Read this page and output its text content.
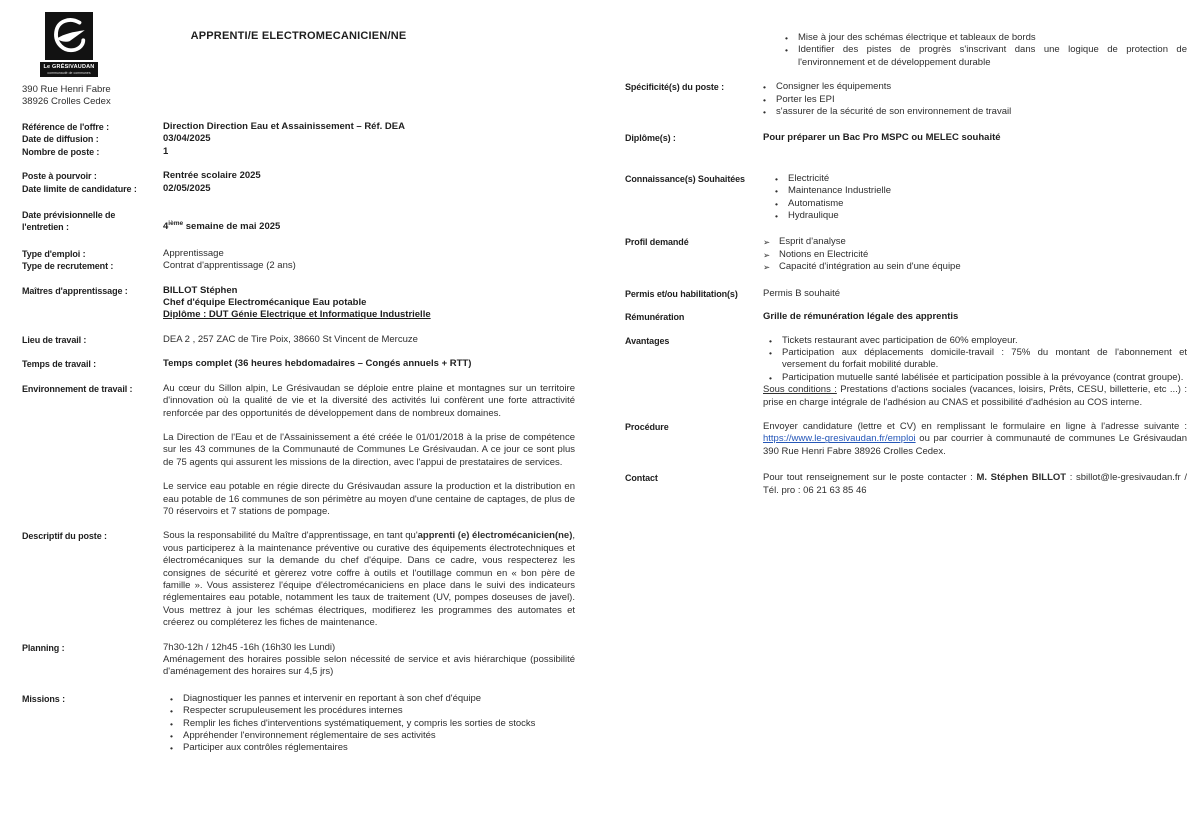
APPRENTI/E ELECTROMECANICIEN/NE
Le GRÉSIVAUDAN
communauté de communes
390 Rue Henri Fabre
38926 Crolles Cedex
Référence de l'offre :	Direction Direction Eau et Assainissement – Réf. DEA
Date de diffusion :	03/04/2025
Nombre de poste :	1
Poste à pourvoir :	Rentrée scolaire 2025
Date limite de candidature :	02/05/2025
Date prévisionnelle de l'entretien :	4ième semaine de mai 2025
Type d'emploi :	Apprentissage
Type de recrutement :	Contrat d'apprentissage (2 ans)
Maîtres d'apprentissage :	BILLOT Stéphen
Chef d'équipe Electromécanique Eau potable
Diplôme : DUT Génie Electrique et Informatique Industrielle
Lieu de travail :	DEA 2 , 257 ZAC de Tire Poix, 38660 St Vincent de Mercuze
Temps de travail :	Temps complet (36 heures hebdomadaires – Congés annuels + RTT)
Environnement de travail :	Au cœur du Sillon alpin, Le Grésivaudan se déploie entre plaine et montagnes sur un territoire d'innovation où la qualité de vie et la diversité des activités lui confèrent une forte attractivité renforcée par des opportunités de développement dans de nombreux domaines.

La Direction de l'Eau et de l'Assainissement a été créée le 01/01/2018 à la prise de compétence sur les 43 communes de la Communauté de Communes Le Grésivaudan. A ce jour ce sont plus de 75 agents qui assurent les missions de la direction, avec l'appui de prestataires de services.

Le service eau potable en régie directe du Grésivaudan assure la production et la distribution en eau potable de 16 communes de son périmètre au moyen d'une centaine de captages, de plus de 70 réservoirs et 7 stations de pompage.

Descriptif du poste :	Sous la responsabilité du Maître d'apprentissage, en tant qu'apprenti (e) électromécanicien(ne), vous participerez à la maintenance préventive ou curative des équipements électrotechniques et électromécaniques sur la demande du chef d'équipe. Dans ce cadre, vous respecterez les consignes de sécurité et gèrerez votre coffre à outils et l'outillage commun en « bon père de famille ». Vous assisterez l'équipe d'électromécaniciens en place dans le suivi des indicateurs réglementaires eau potable, notamment les taux de traitement (UV, pompes doseuses de javel). Vous mettrez à jour les schémas électriques, modifierez les programmes des automates et créerez ou compléterez les fiches de maintenance.
Planning :	7h30-12h / 12h45 -16h (16h30 les Lundi)
Aménagement des horaires possible selon nécessité de service et avis hiérarchique (possibilité d'aménagement des horaires sur 4,5 jrs)
Missions :	•	Diagnostiquer les pannes et intervenir en reportant à son chef d'équipe
•	Respecter scrupuleusement les procédures internes
•	Remplir les fiches d'interventions systématiquement, y compris les sorties de stocks
•	Appréhender l'environnement réglementaire de ses activités
•	Participer aux contrôles réglementaires
•	Mise à jour des schémas électrique et tableaux de bords
•	Identifier des pistes de progrès s'inscrivant dans une logique de protection de l'environnement et de développement durable
Spécificité(s) du poste :	•	Consigner les équipements
•	Porter les EPI
•	s'assurer de la sécurité de son environnement de travail
Diplôme(s) :	Pour préparer un Bac Pro MSPC ou MELEC souhaité
Connaissance(s) Souhaitées	•	Electricité
•	Maintenance Industrielle
•	Automatisme
•	Hydraulique
Profil demandé	➢ Esprit d'analyse
➢ Notions en Electricité
➢ Capacité d'intégration au sein d'une équipe
Permis et/ou habilitation(s)	Permis B souhaité
Rémunération	Grille de rémunération légale des apprentis
Avantages	•	Tickets restaurant avec participation de 60% employeur.
•	Participation aux déplacements domicile-travail : 75% du montant de l'abonnement et versement du forfait mobilité durable.
•	Participation mutuelle santé labélisée et participation possible à la prévoyance (contrat groupe).
Sous conditions : Prestations d'actions sociales (vacances, loisirs, Prêts, CESU, billetterie, etc ...) : prise en charge intégrale de l'adhésion au CNAS et possibilité d'adhésion au COS interne.
Procédure	Envoyer candidature (lettre et CV) en remplissant le formulaire en ligne à l'adresse suivante : https://www.le-gresivaudan.fr/emploi ou par courrier à communauté de communes Le Grésivaudan 390 Rue Henri Fabre 38926 Crolles Cedex.
Contact	Pour tout renseignement sur le poste contacter : M. Stéphen BILLOT : sbillot@le-gresivaudan.fr / Tél. pro : 06 21 63 85 46
